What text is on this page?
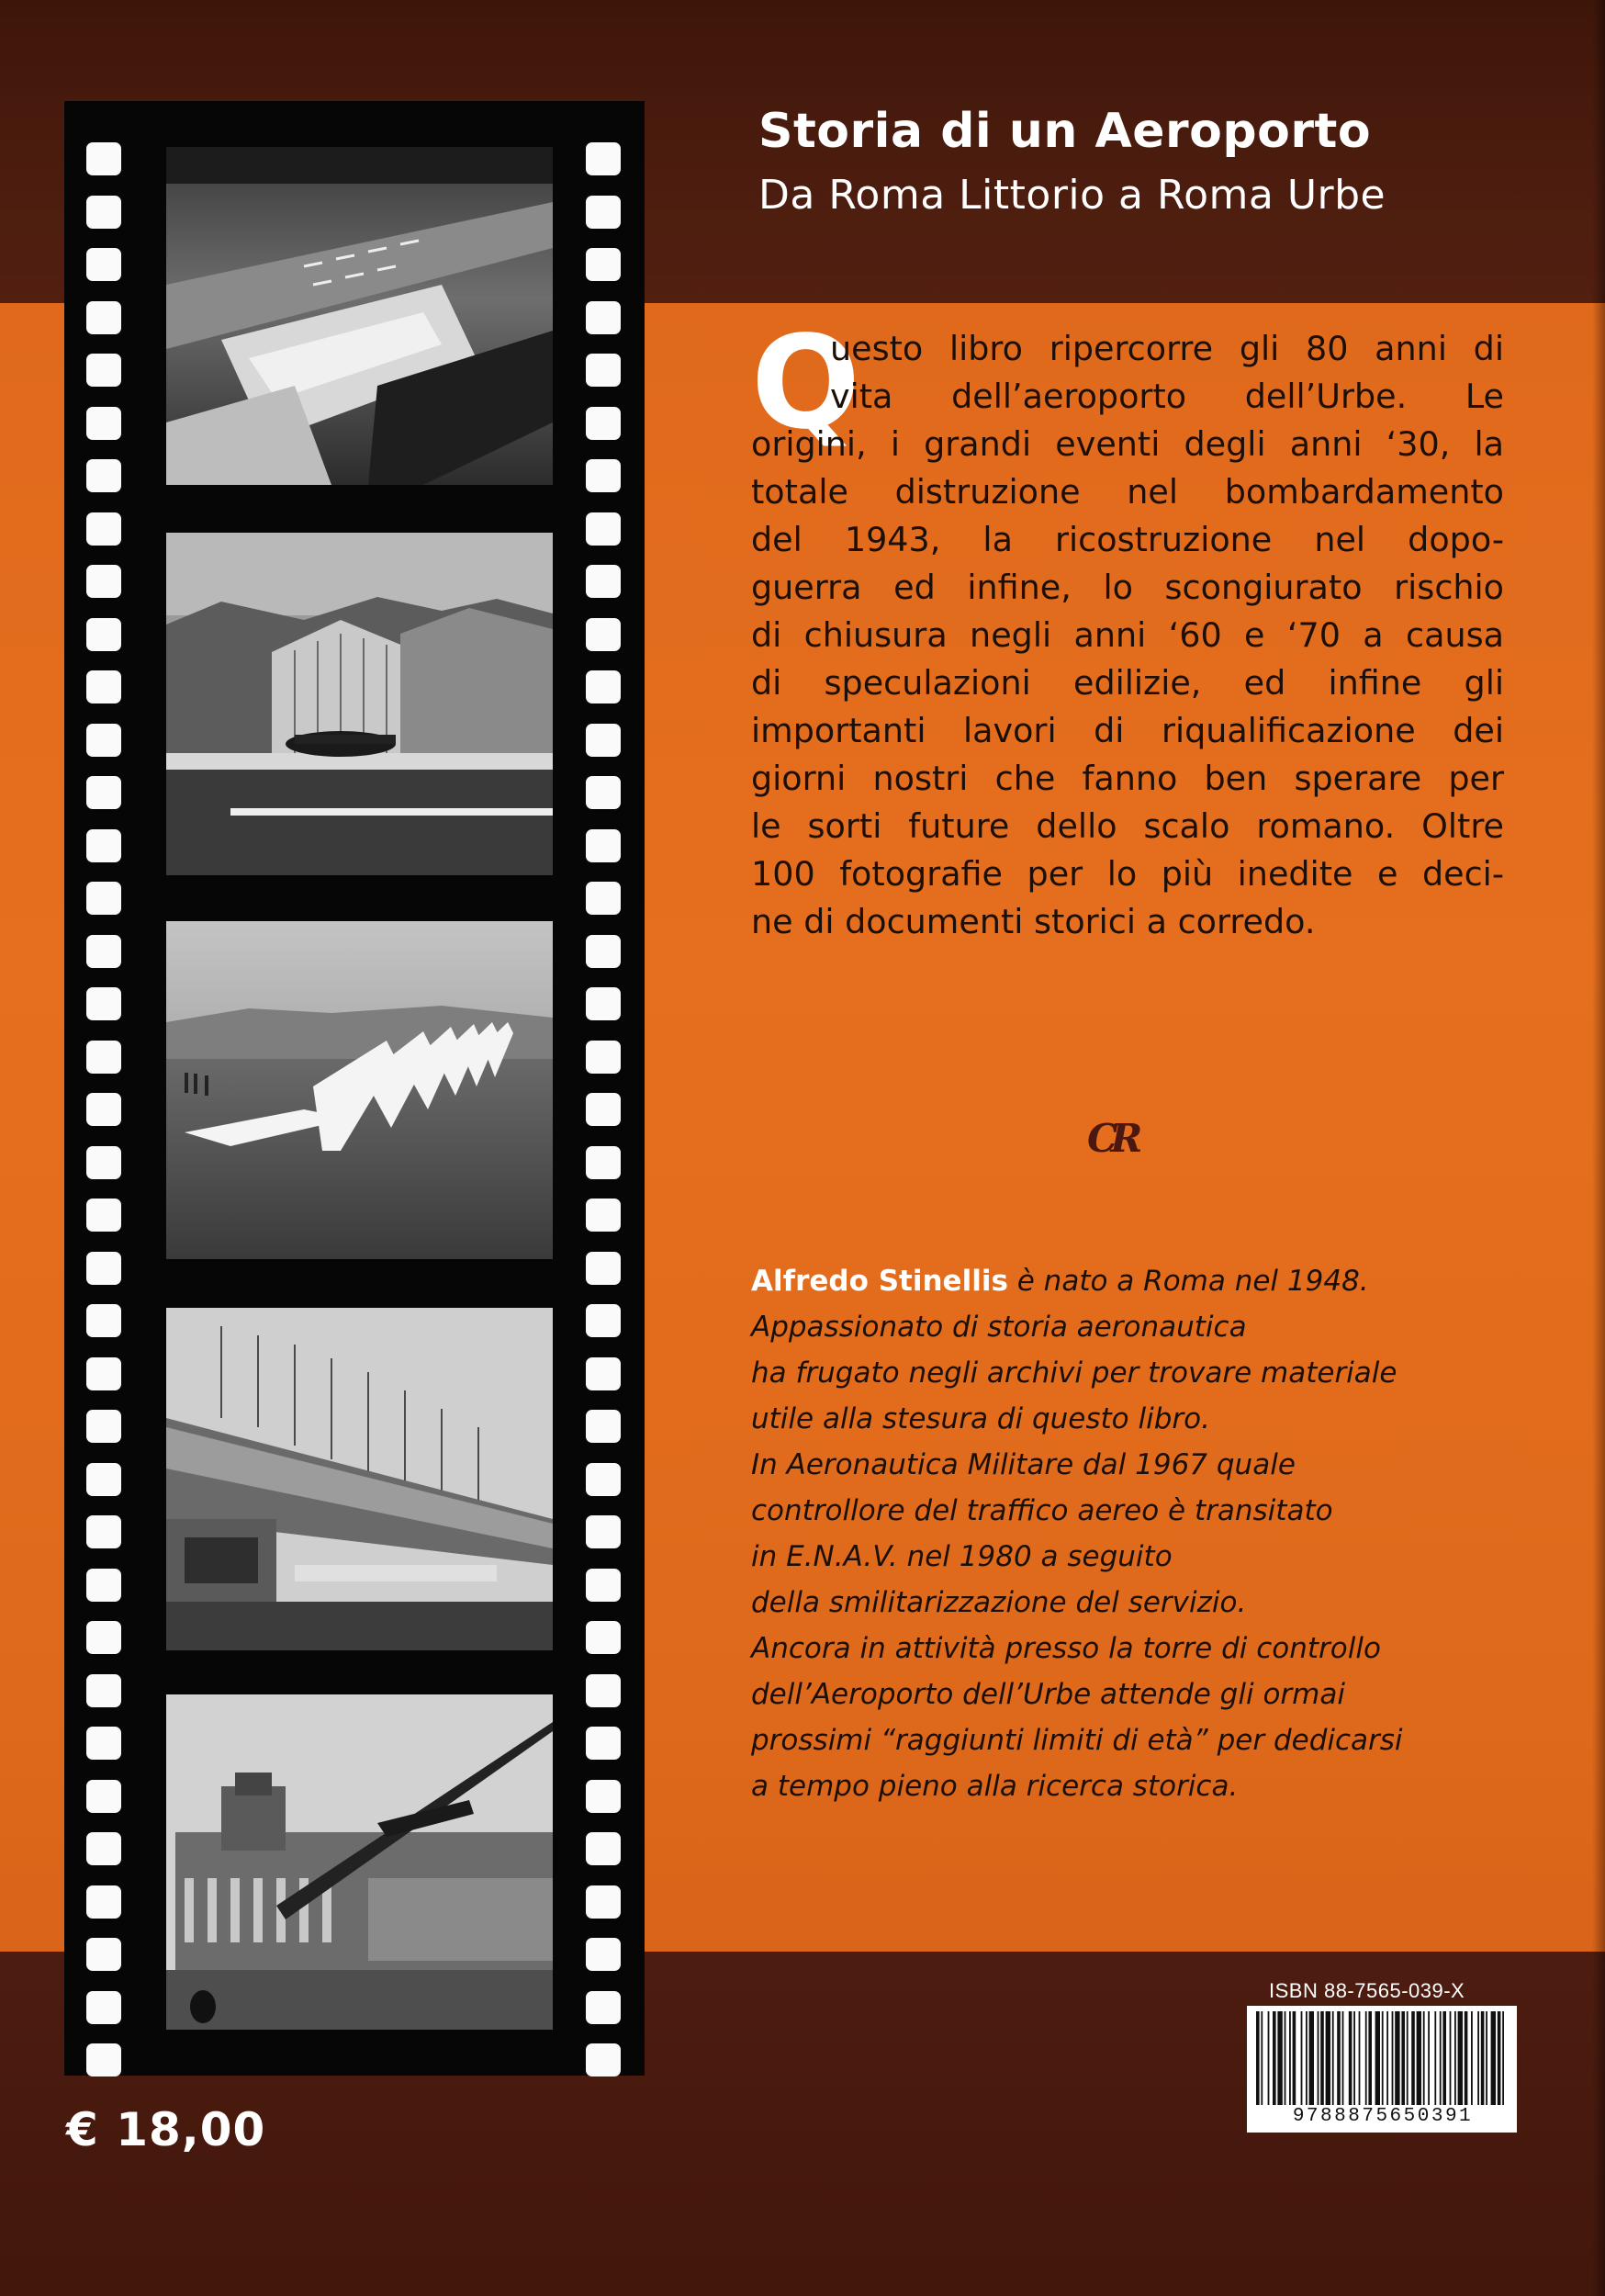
Storia di un Aeroporto
Da Roma Littorio a Roma Urbe
Q
uesto libro ripercorre gli 80 anni di
vita dell’aeroporto dell’Urbe. Le
origini, i grandi eventi degli anni ‘30, la
totale distruzione nel bombardamento
del 1943, la ricostruzione nel dopo-
guerra ed infine, lo scongiurato rischio
di chiusura negli anni ‘60 e ‘70 a causa
di speculazioni edilizie, ed infine gli
importanti lavori di riqualificazione dei
giorni nostri che fanno ben sperare per
le sorti future dello scalo romano. Oltre
100 fotografie per lo più inedite e deci-
ne di documenti storici a corredo.
CR
Alfredo Stinellis è nato a Roma nel 1948.
Appassionato di storia aeronautica
ha frugato negli archivi per trovare materiale
utile alla stesura di questo libro.
In Aeronautica Militare dal 1967 quale
controllore del traffico aereo è transitato
in E.N.A.V. nel 1980 a seguito
della smilitarizzazione del servizio.
Ancora in attività presso la torre di controllo
dell’Aeroporto dell’Urbe attende gli ormai
prossimi “raggiunti limiti di età” per dedicarsi
a tempo pieno alla ricerca storica.
ISBN 88-7565-039-X
9788875650391
€ 18,00
